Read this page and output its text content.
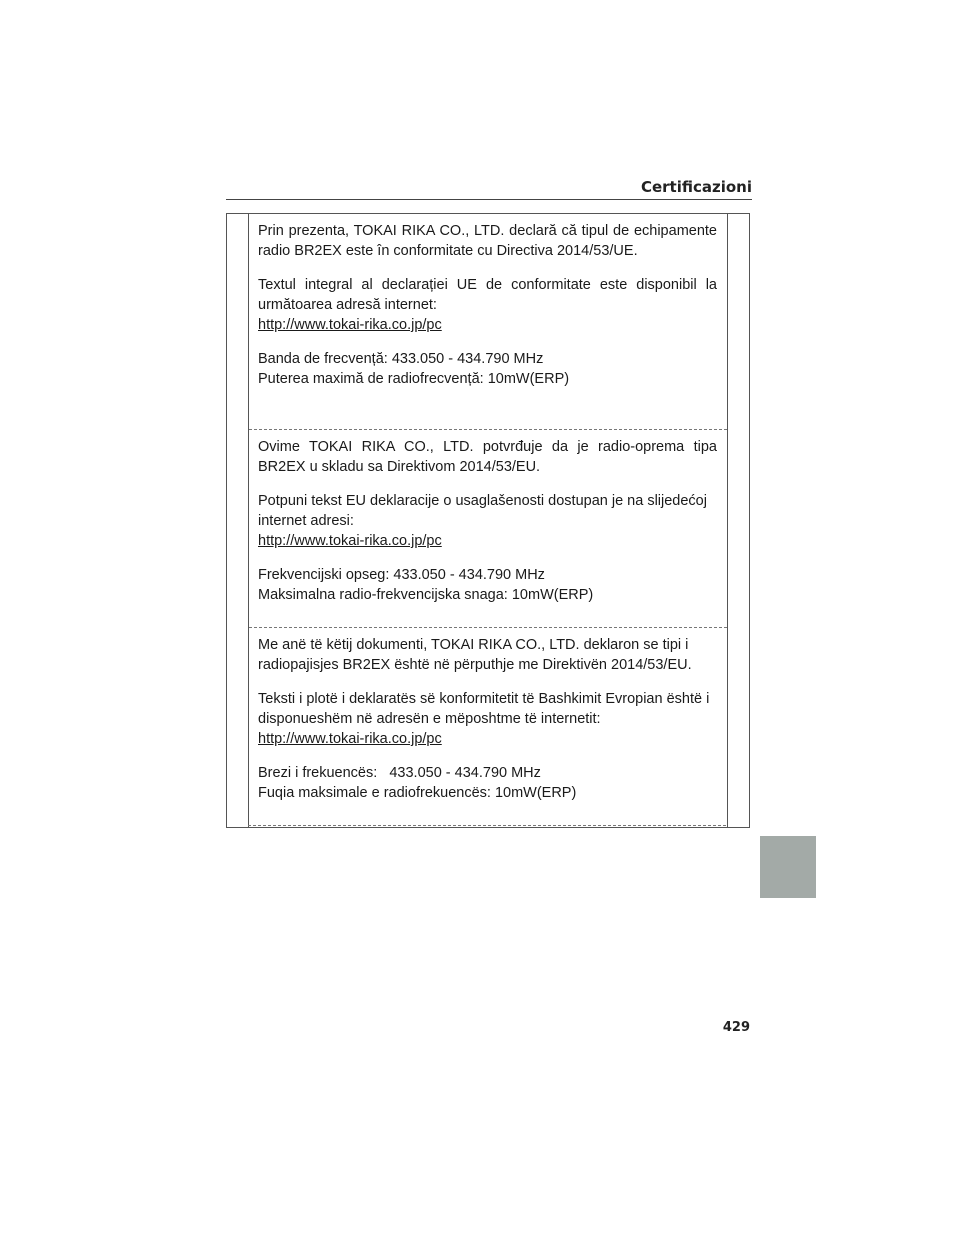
Certificazioni

Prin prezenta, TOKAI RIKA CO., LTD. declară că tipul de echipamente radio BR2EX este în conformitate cu Directiva 2014/53/UE.

Textul integral al declarației UE de conformitate este disponibil la următoarea adresă internet:

http://www.tokai-rika.co.jp/pc

Banda de frecvență: 433.050 - 434.790 MHz

Puterea maximă de radiofrecvență: 10mW(ERP)

Ovime TOKAI RIKA CO., LTD. potvrđuje da je radio-oprema tipa BR2EX u skladu sa Direktivom 2014/53/EU.

Potpuni tekst EU deklaracije o usaglašenosti dostupan je na slijedećoj internet adresi:

http://www.tokai-rika.co.jp/pc

Frekvencijski opseg: 433.050 - 434.790 MHz

Maksimalna radio-frekvencijska snaga: 10mW(ERP)

Me anë të këtij dokumenti, TOKAI RIKA CO., LTD. deklaron se tipi i radiopajisjes BR2EX është në përputhje me Direktivën 2014/53/EU.

Teksti i plotë i deklaratës së konformitetit të Bashkimit Evropian është i disponueshëm në adresën e mëposhtme të internetit:

http://www.tokai-rika.co.jp/pc

Brezi i frekuencës:   433.050 - 434.790 MHz

Fuqia maksimale e radiofrekuencës: 10mW(ERP)

429
